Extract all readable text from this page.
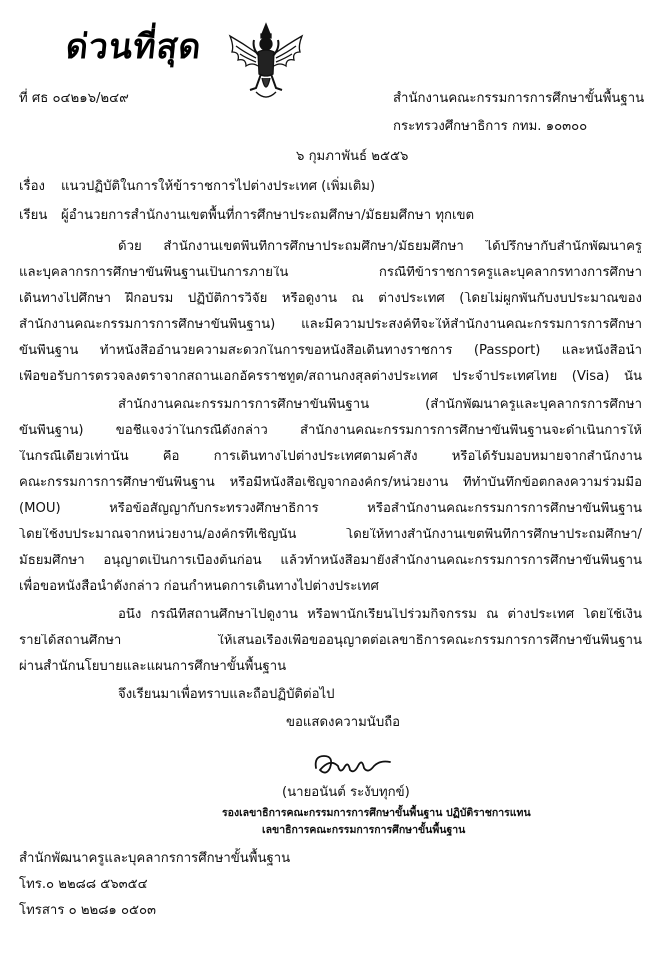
ด่วนที่สุด
ที่ ศธ ๐๔๒๑๖/๒๔๙	สำนักงานคณะกรรมการการศึกษาขั้นพื้นฐาน
กระทรวงศึกษาธิการ กทม. ๑๐๓๐๐
๖ กุมภาพันธ์ ๒๕๕๖
เรื่อง แนวปฏิบัติในการให้ข้าราชการไปต่างประเทศ (เพิ่มเติม)
เรียน ผู้อำนวยการสำนักงานเขตพื้นที่การศึกษาประถมศึกษา/มัธยมศึกษา ทุกเขต
ด้วย สำนักงานเขตพื้นที่การศึกษาประถมศึกษา/มัธยมศึกษา ได้ปรึกษากับสำนักพัฒนาครู
และบุคลากรการศึกษาขั้นพื้นฐานเป็นการภายใน กรณีที่ข้าราชการครูและบุคลากรทางการศึกษา
เดินทางไปศึกษา ฝึกอบรม ปฏิบัติการวิจัย หรือดูงาน ณ ต่างประเทศ (โดยไม่ผูกพันกับงบประมาณของ
สำนักงานคณะกรรมการการศึกษาขั้นพื้นฐาน) และมีความประสงค์ที่จะให้สำนักงานคณะกรรมการการศึกษา
ขั้นพื้นฐาน ทำหนังสืออำนวยความสะดวกในการขอหนังสือเดินทางราชการ (Passport) และหนังสือนำ
เพื่อขอรับการตรวจลงตราจากสถานเอกอัครราชทูต/สถานกงสุลต่างประเทศ ประจำประเทศไทย (Visa) นั้น
สำนักงานคณะกรรมการการศึกษาขั้นพื้นฐาน (สำนักพัฒนาครูและบุคลากรการศึกษา
ขั้นพื้นฐาน) ขอชี้แจงว่าในกรณีดังกล่าว สำนักงานคณะกรรมการการศึกษาขั้นพื้นฐานจะดำเนินการให้
ในกรณีเดียวเท่านั้น คือ การเดินทางไปต่างประเทศตามคำสั่ง หรือได้รับมอบหมายจากสำนักงาน
คณะกรรมการการศึกษาขั้นพื้นฐาน หรือมีหนังสือเชิญจากองค์กร/หน่วยงาน ที่ทำบันทึกข้อตกลงความร่วมมือ
(MOU) หรือข้อสัญญากับกระทรวงศึกษาธิการ หรือสำนักงานคณะกรรมการการศึกษาขั้นพื้นฐาน
โดยใช้งบประมาณจากหน่วยงาน/องค์กรที่เชิญนั้น โดยให้ทางสำนักงานเขตพื้นที่การศึกษาประถมศึกษา/
มัธยมศึกษา อนุญาตเป็นการเบื้องต้นก่อน แล้วทำหนังสือมายังสำนักงานคณะกรรมการการศึกษาขั้นพื้นฐาน
เพื่อขอหนังสือนำดังกล่าว ก่อนกำหนดการเดินทางไปต่างประเทศ
อนึ่ง กรณีที่สถานศึกษาไปดูงาน หรือพานักเรียนไปร่วมกิจกรรม ณ ต่างประเทศ โดยใช้เงิน
รายได้สถานศึกษา ให้เสนอเรื่องเพื่อขออนุญาตต่อเลขาธิการคณะกรรมการการศึกษาขั้นพื้นฐาน
ผ่านสำนักนโยบายและแผนการศึกษาขั้นพื้นฐาน
จึงเรียนมาเพื่อทราบและถือปฏิบัติต่อไป
ขอแสดงความนับถือ
(นายอนันต์ ระงับทุกข์)
รองเลขาธิการคณะกรรมการการศึกษาขั้นพื้นฐาน ปฏิบัติราชการแทน
เลขาธิการคณะกรรมการการศึกษาขั้นพื้นฐาน
สำนักพัฒนาครูและบุคลากรการศึกษาขั้นพื้นฐาน
โทร.๐ ๒๒๘๘ ๕๖๓๕๔
โทรสาร ๐ ๒๒๘๑ ๐๕๐๓
